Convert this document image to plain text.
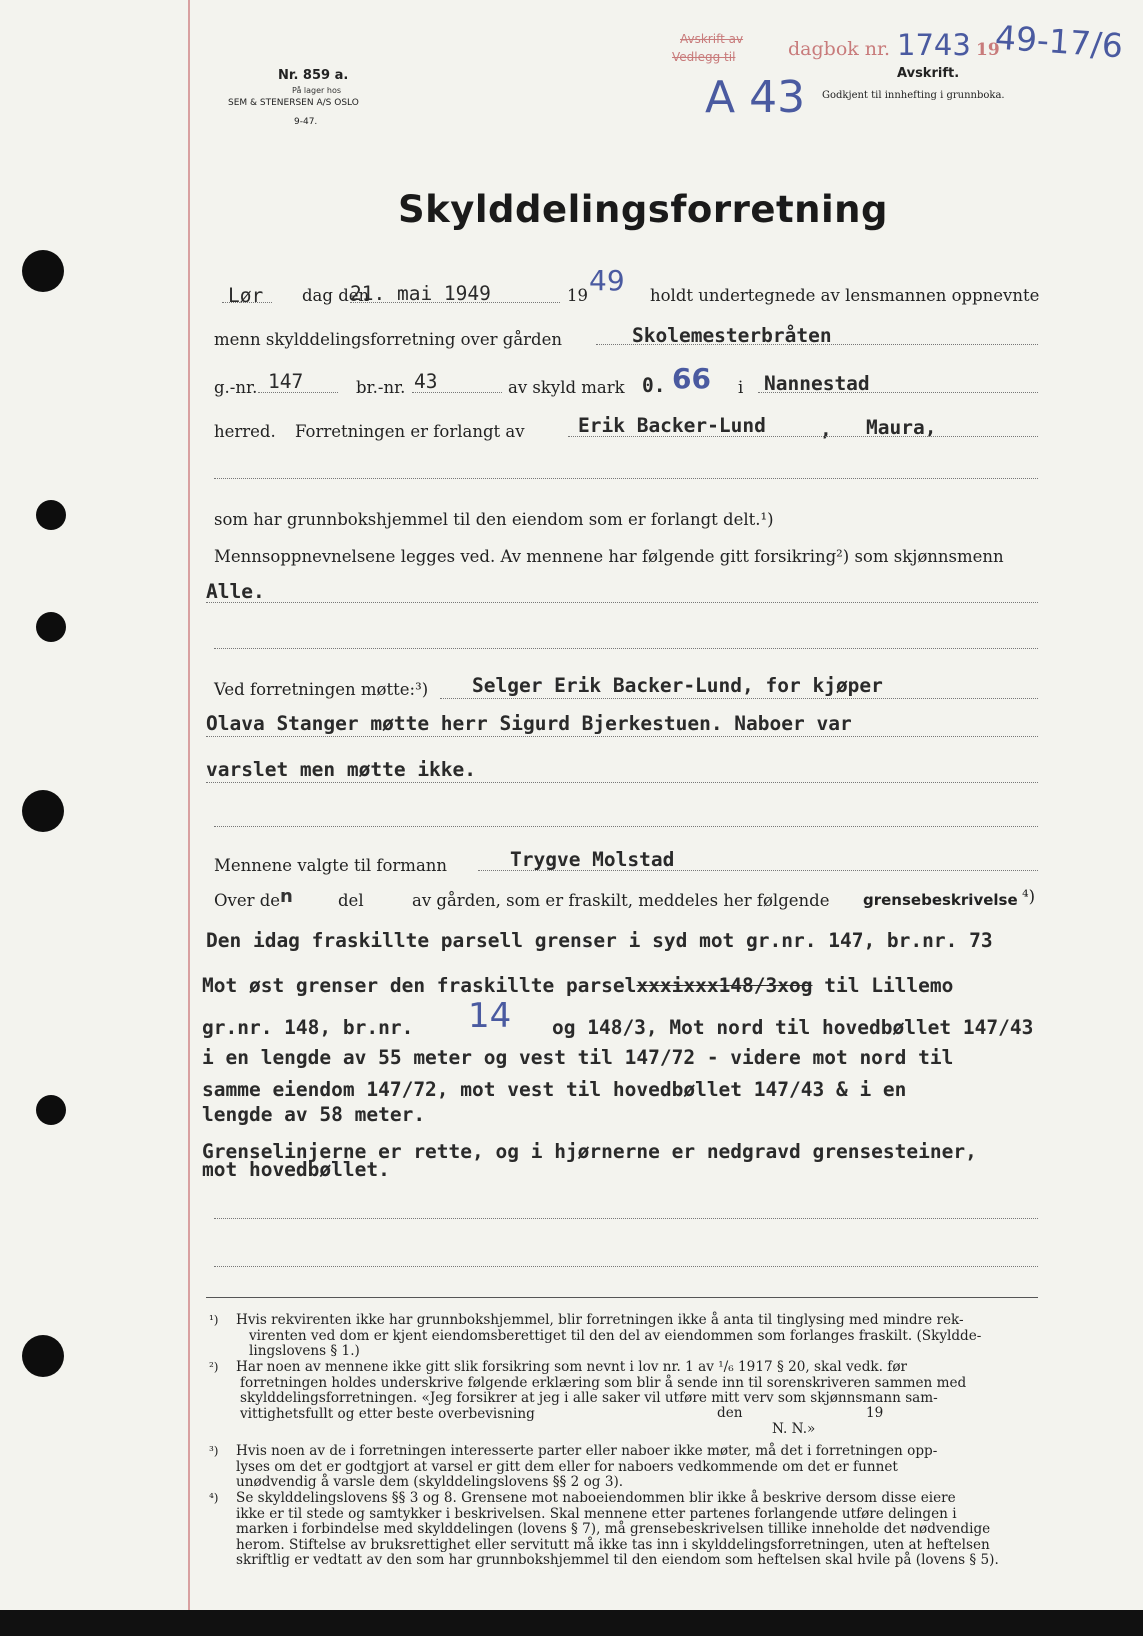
Nr. 859 a.
På lager hos
SEM & STENERSEN A/S OSLO
9-47.
Avskrift av
Vedlegg til	dagbok nr. 1743 19
49-17/6
A 43	Avskrift.
Godkjent til innhefting i grunnboka.
Skylddelingsforretning
Lør dag den
21. mai 1949	19 49 holdt undertegnede av lensmannen oppnevnte
menn skylddelingsforretning over gården	Skolemesterbråten
g.-nr. 147	br.-nr. 43	av skyld mark 0. 66 i Nannestad
herred. Forretningen er forlangt av	Erik Backer-Lund	, Maura,
som har grunnbokshjemmel til den eiendom som er forlangt delt.¹)
Mennsoppnevnelsene legges ved. Av mennene har følgende gitt forsikring²) som skjønnsmenn
Alle.
Ved forretningen møtte:³) Selger Erik Backer-Lund, for kjøper
Olava Stanger møtte herr Sigurd Bjerkestuen. Naboer var
varslet men møtte ikke.
Mennene valgte til formann	Trygve Molstad
Over de n	del	av gården, som er fraskilt, meddeles her følgende grensebeskrivelse ⁴)
Den idag fraskillte parsell grenser i syd mot gr.nr. 147, br.nr. 73
Mot øst grenser den fraskillte parselxxxixxx148/3xog til Lillemo
gr.nr. 148, br.nr. 14 og 148/3, Mot nord til hovedbøllet 147/43
i en lengde av 55 meter og vest til 147/72 - videre mot nord til
samme eiendom 147/72, mot vest til hovedbøllet 147/43 & i en
lengde av 58 meter.
Grenselinjerne er rette, og i hjørnerne er nedgravd grensesteiner,
mot hovedbøllet.
¹) Hvis rekvirenten ikke har grunnbokshjemmel, blir forretningen ikke å anta til tinglysing med mindre rek-
virenten ved dom er kjent eiendomsberettiget til den del av eiendommen som forlanges fraskilt. (Skyldde-
lingslovens § 1.)
²) Har noen av mennene ikke gitt slik forsikring som nevnt i lov nr. 1 av ¹/₆ 1917 § 20, skal vedk. før
forretningen holdes underskrive følgende erklæring som blir å sende inn til sorenskriveren sammen med
skylddelingsforretningen. «Jeg forsikrer at jeg i alle saker vil utføre mitt verv som skjønnsmann sam-
vittighetsfullt og etter beste overbevisning	den	19
N. N.»
³) Hvis noen av de i forretningen interesserte parter eller naboer ikke møter, må det i forretningen opp-
lyses om det er godtgjort at varsel er gitt dem eller for naboers vedkommende om det er funnet
unødvendig å varsle dem (skylddelingslovens §§ 2 og 3).
⁴) Se skylddelingslovens §§ 3 og 8. Grensene mot naboeiendommen blir ikke å beskrive dersom disse eiere
ikke er til stede og samtykker i beskrivelsen. Skal mennene etter partenes forlangende utføre delingen i
marken i forbindelse med skylddelingen (lovens § 7), må grensebeskrivelsen tillike inneholde det nødvendige
herom. Stiftelse av bruksrettighet eller servitutt må ikke tas inn i skylddelingsforretningen, uten at heftelsen
skriftlig er vedtatt av den som har grunnbokshjemmel til den eiendom som heftelsen skal hvile på (lovens § 5).
